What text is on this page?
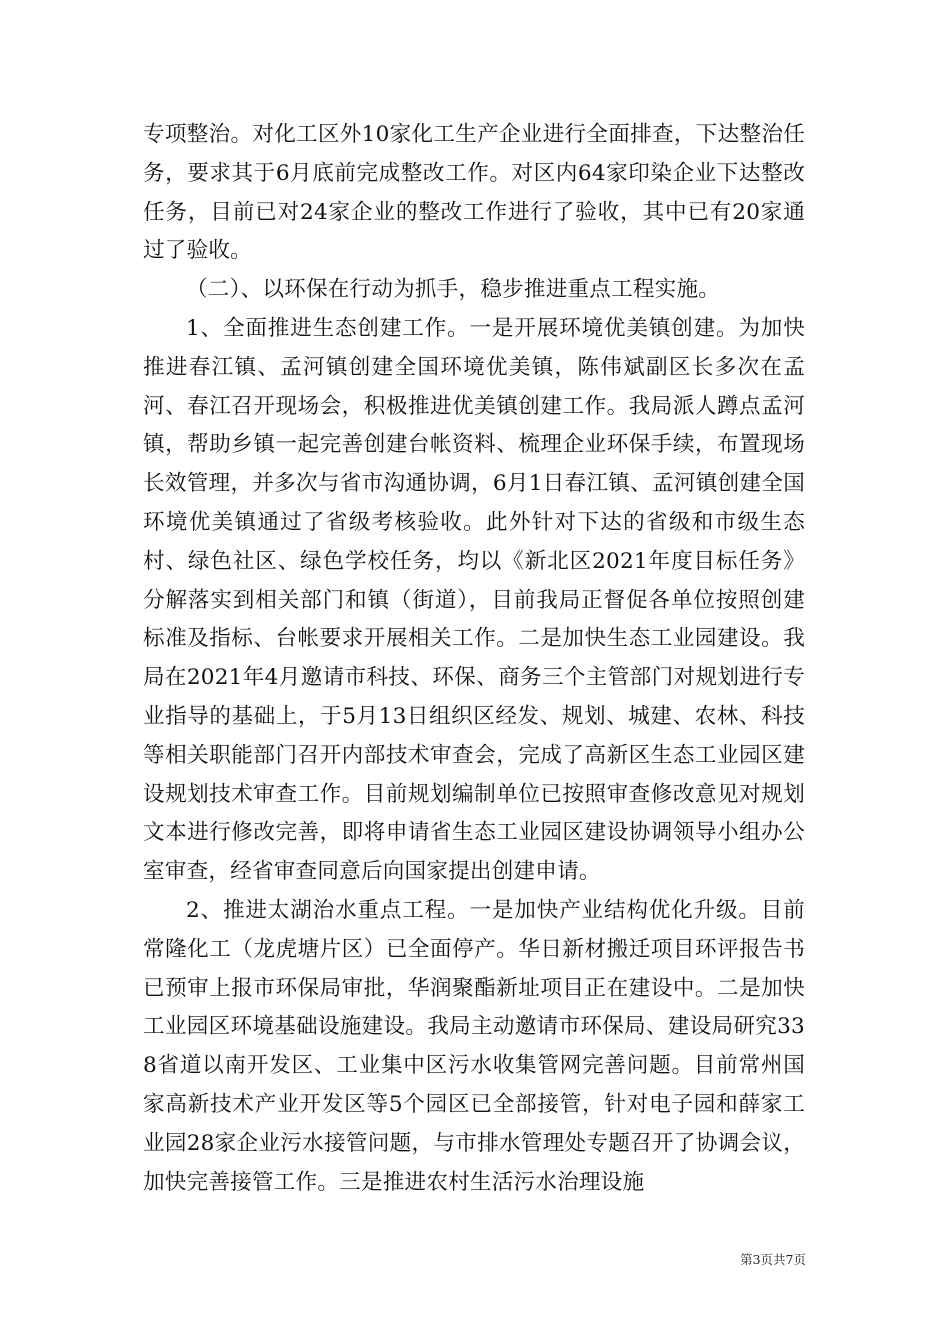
专项整治。对化工区外10家化工生产企业进行全面排查，下达整治任务，要求其于6月底前完成整改工作。对区内64家印染企业下达整改任务，目前已对24家企业的整改工作进行了验收，其中已有20家通过了验收。

（二）、以环保在行动为抓手，稳步推进重点工程实施。

1、全面推进生态创建工作。一是开展环境优美镇创建。为加快推进春江镇、孟河镇创建全国环境优美镇，陈伟斌副区长多次在孟河、春江召开现场会，积极推进优美镇创建工作。我局派人蹲点孟河镇，帮助乡镇一起完善创建台帐资料、梳理企业环保手续，布置现场长效管理，并多次与省市沟通协调，6月1日春江镇、孟河镇创建全国环境优美镇通过了省级考核验收。此外针对下达的省级和市级生态村、绿色社区、绿色学校任务，均以《新北区2021年度目标任务》分解落实到相关部门和镇（街道），目前我局正督促各单位按照创建标准及指标、台帐要求开展相关工作。二是加快生态工业园建设。我局在2021年4月邀请市科技、环保、商务三个主管部门对规划进行专业指导的基础上，于5月13日组织区经发、规划、城建、农林、科技等相关职能部门召开内部技术审查会，完成了高新区生态工业园区建设规划技术审查工作。目前规划编制单位已按照审查修改意见对规划文本进行修改完善，即将申请省生态工业园区建设协调领导小组办公室审查，经省审查同意后向国家提出创建申请。

2、推进太湖治水重点工程。一是加快产业结构优化升级。目前常隆化工（龙虎塘片区）已全面停产。华日新材搬迁项目环评报告书已预审上报市环保局审批，华润聚酯新址项目正在建设中。二是加快工业园区环境基础设施建设。我局主动邀请市环保局、建设局研究338省道以南开发区、工业集中区污水收集管网完善问题。目前常州国家高新技术产业开发区等5个园区已全部接管，针对电子园和薛家工业园28家企业污水接管问题，与市排水管理处专题召开了协调会议，加快完善接管工作。三是推进农村生活污水治理设施

第3页共7页
